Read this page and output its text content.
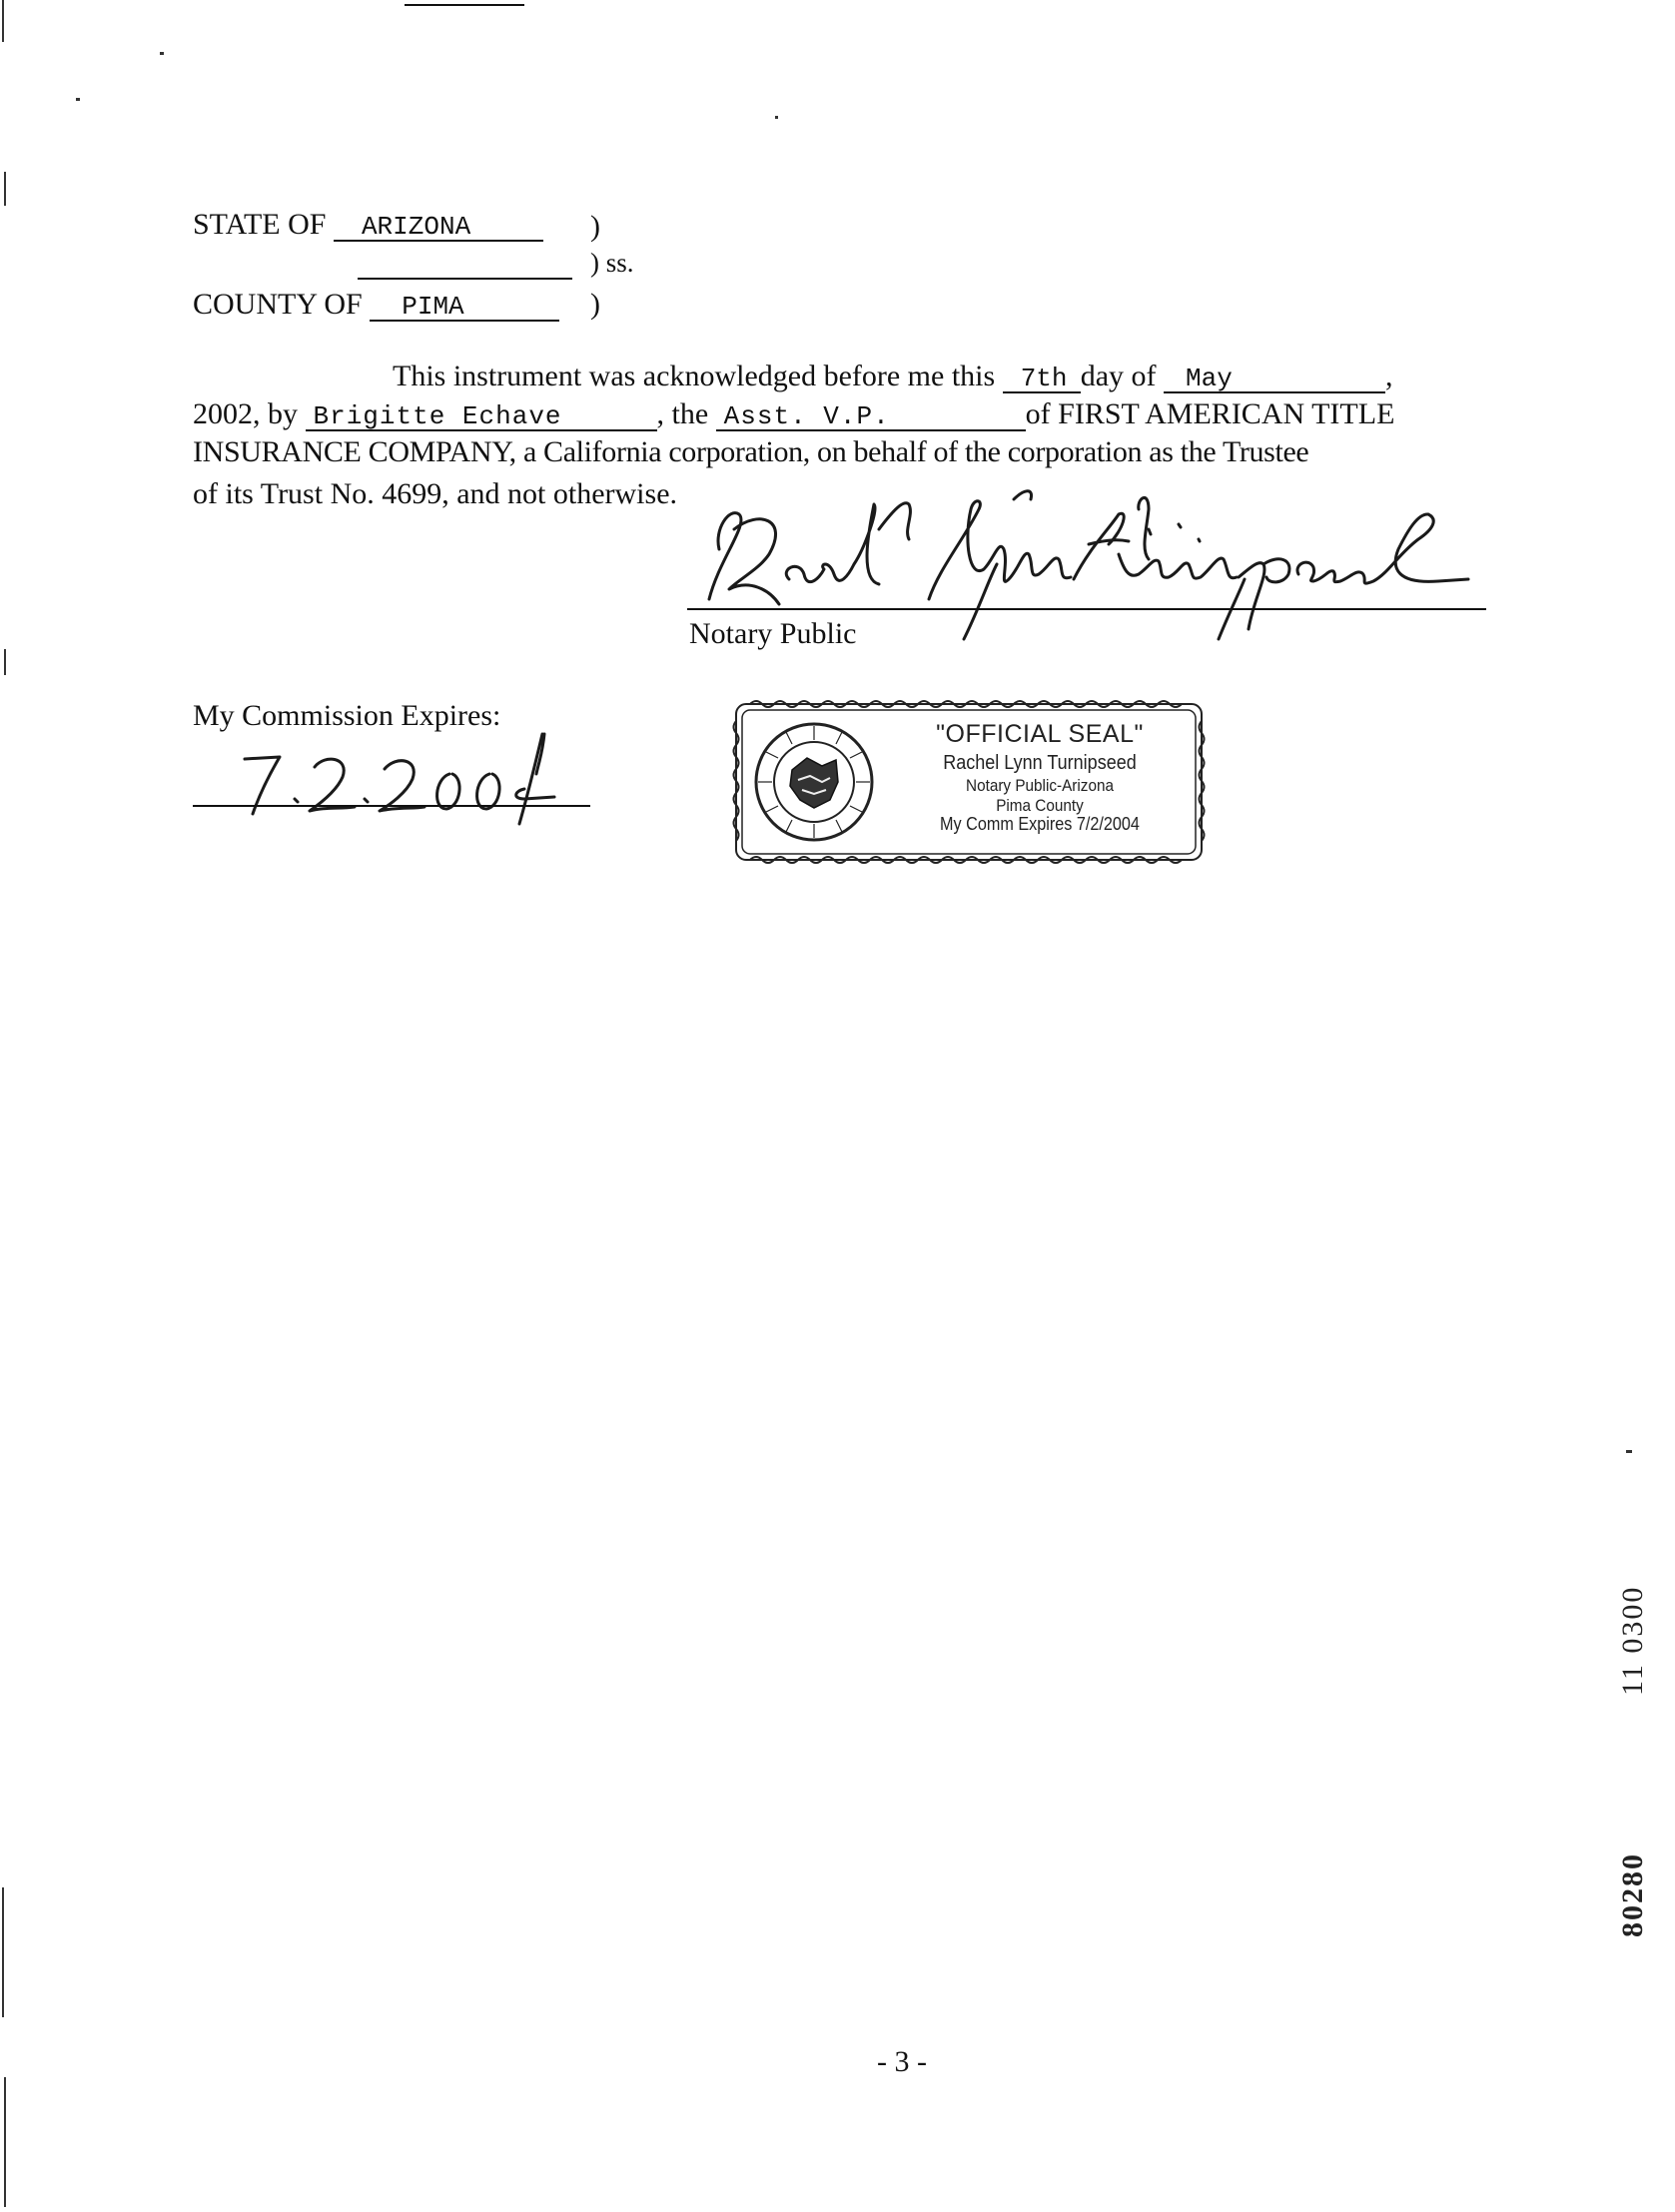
STATE OF ARIZONA	)
) ss.
COUNTY OF PIMA	)
This instrument was acknowledged before me this 7th day of May	,
2002, by Brigitte Echave	, the Asst. V.P.	of FIRST AMERICAN TITLE
INSURANCE COMPANY, a California corporation, on behalf of the corporation as the Trustee
of its Trust No. 4699, and not otherwise.
Notary Public
My Commission Expires:
"OFFICIAL SEAL"
Rachel Lynn Turnipseed
Notary Public-Arizona
Pima County
My Comm Expires 7/2/2004
11 0300
80280
- 3 -
